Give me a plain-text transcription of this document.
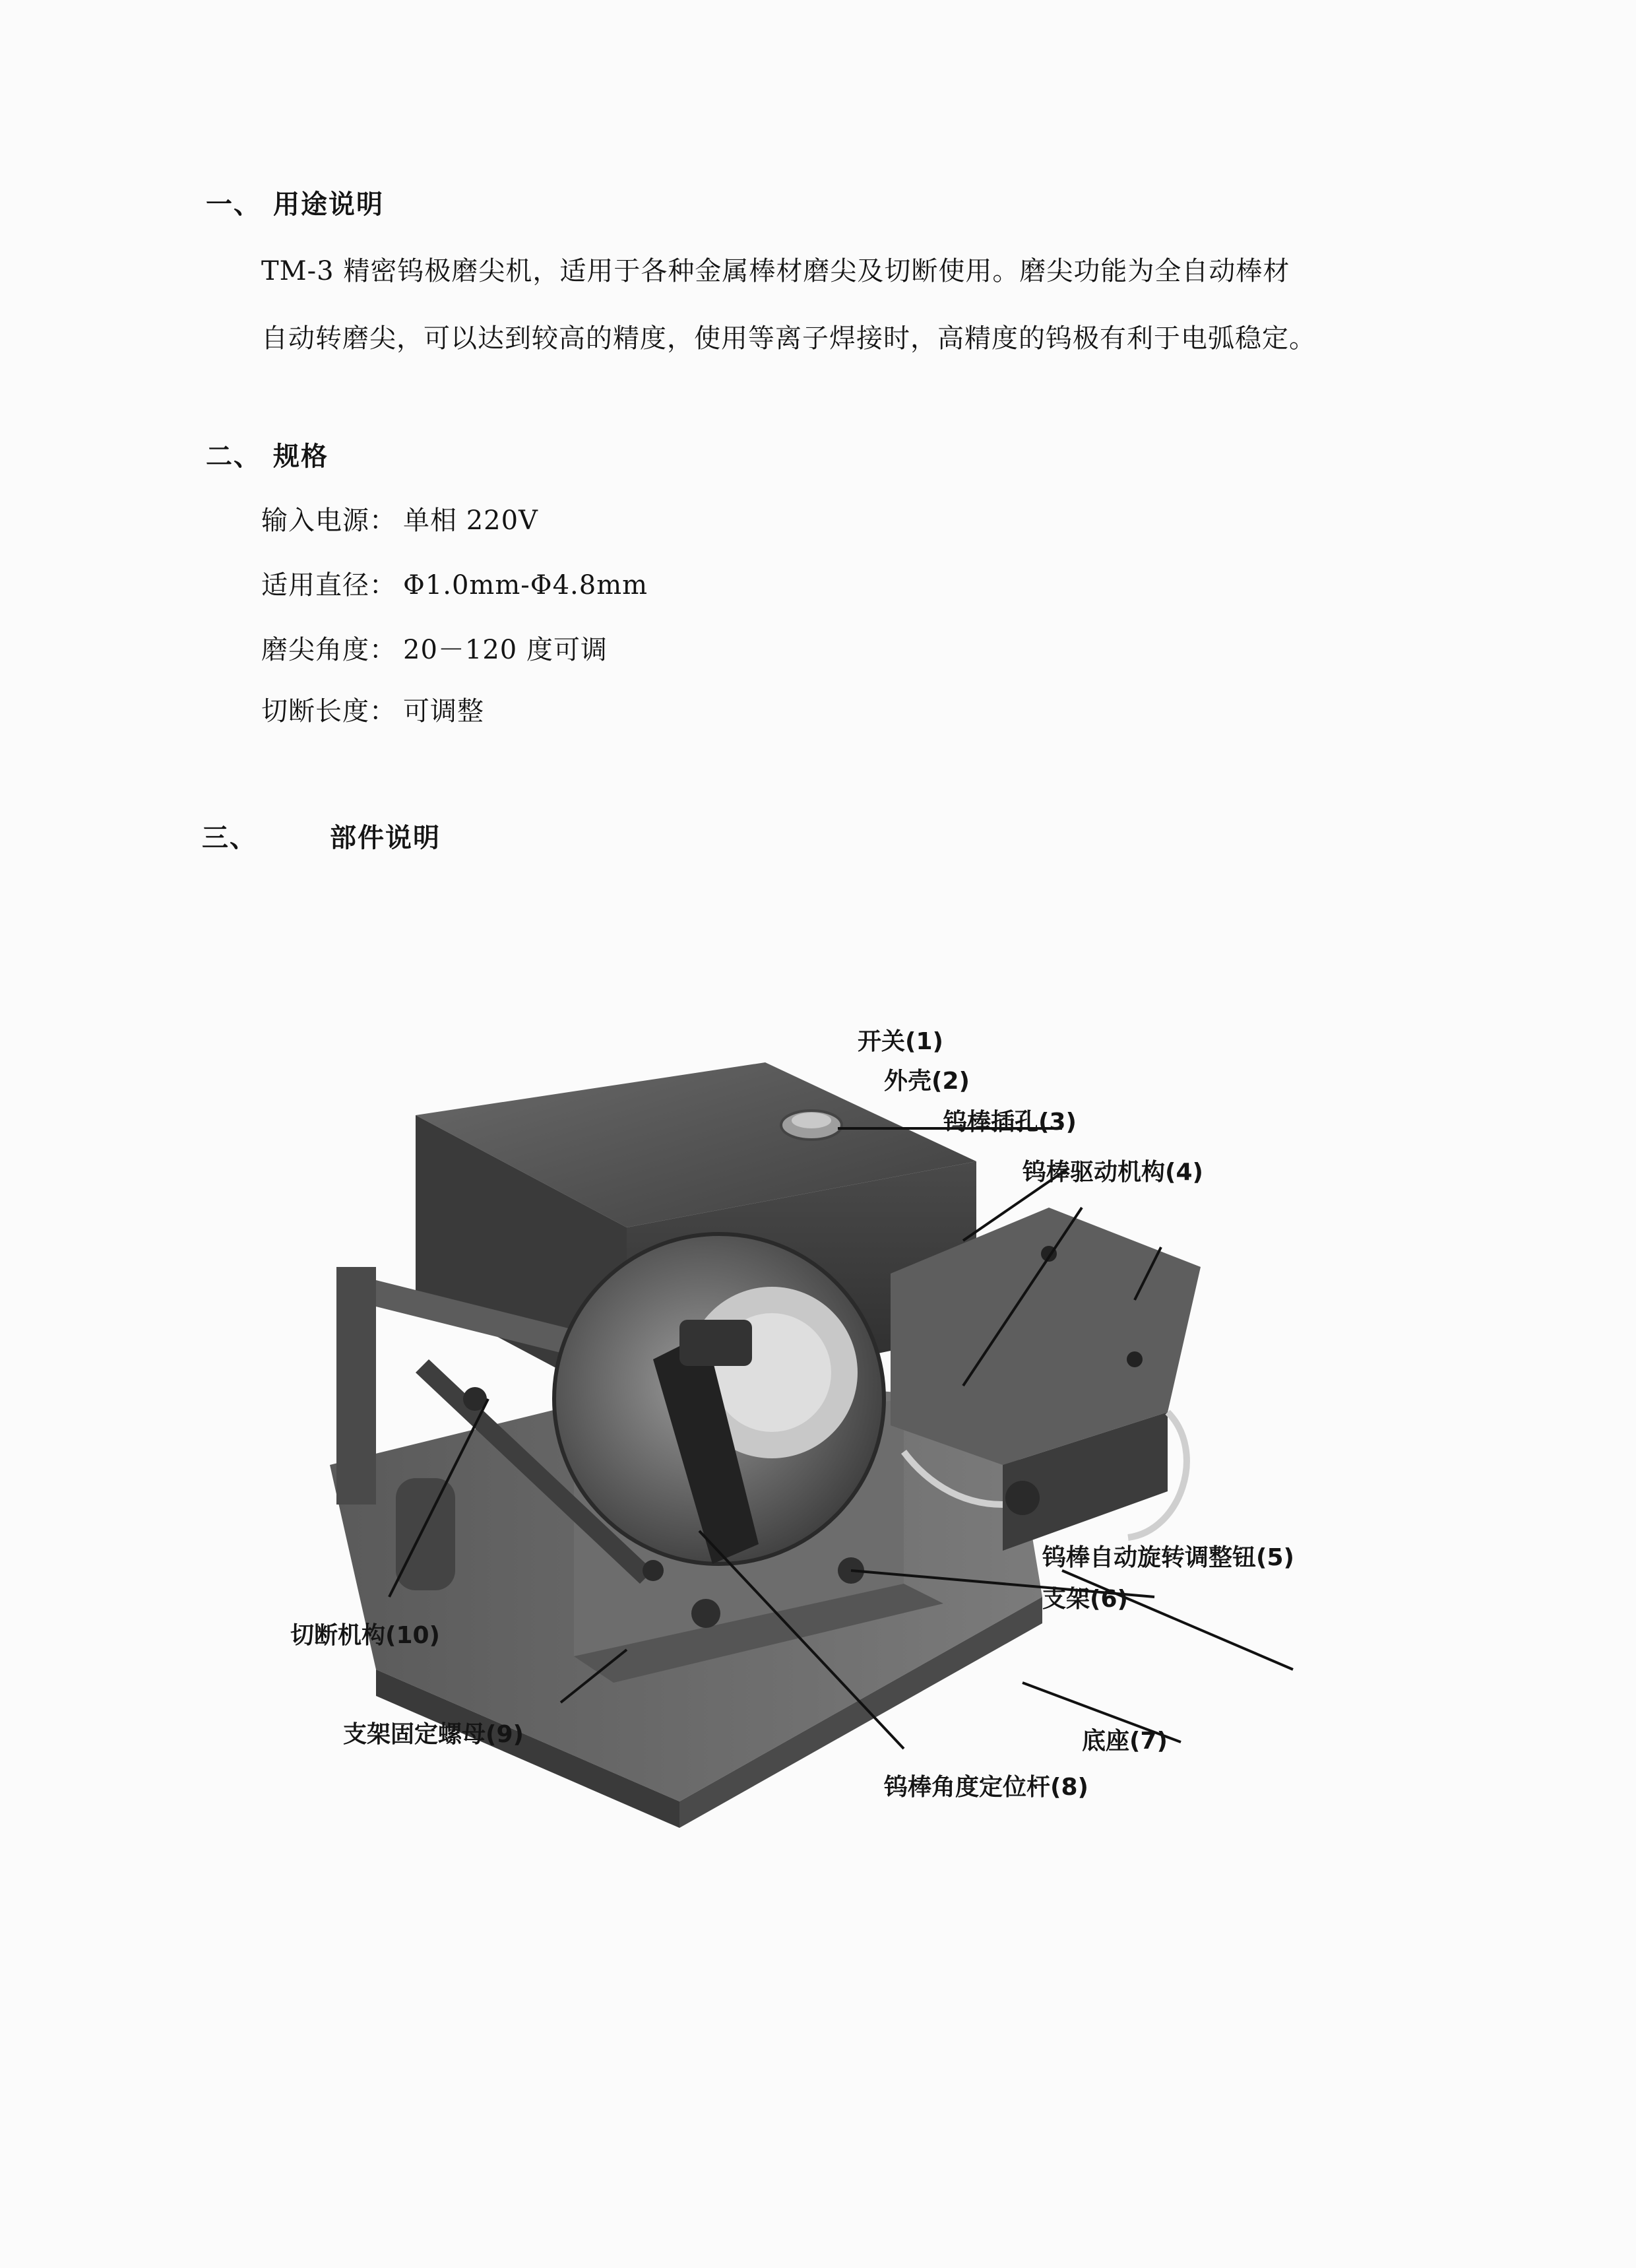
一、 用途说明
TM-3 精密钨极磨尖机，适用于各种金属棒材磨尖及切断使用。磨尖功能为全自动棒材
自动转磨尖，可以达到较高的精度，使用等离子焊接时，高精度的钨极有利于电弧稳定。
二、 规格
输入电源： 单相 220V
适用直径： Φ1.0mm-Φ4.8mm
磨尖角度： 20－120 度可调
切断长度： 可调整
三、	部件说明
开关(1)
外壳(2)
钨棒插孔(3)
钨棒驱动机构(4)
钨棒自动旋转调整钮(5)
支架(6)
底座(7)
钨棒角度定位杆(8)
支架固定螺母(9)
切断机构(10)
